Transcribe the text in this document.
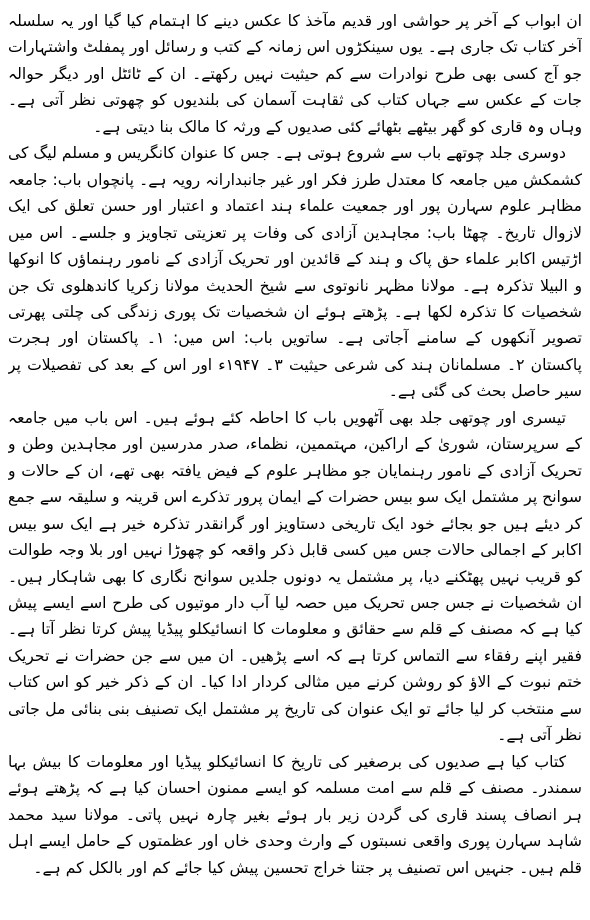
ان ابواب کے آخر پر حواشی اور قدیم مآخذ کا عکس دینے کا اہتمام کیا گیا اور یہ سلسلہ آخر کتاب تک جاری ہے۔ یوں سینکڑوں اس زمانہ کے کتب و رسائل اور پمفلٹ واشتہارات جو آج کسی بھی طرح نوادرات سے کم حیثیت نہیں رکھتے۔ ان کے ٹائٹل اور دیگر حوالہ جات کے عکس سے جہاں کتاب کی ثقاہت آسمان کی بلندیوں کو چھوتی نظر آتی ہے۔ وہاں وہ قاری کو گھر بیٹھے بٹھائے کئی صدیوں کے ورثہ کا مالک بنا دیتی ہے۔

دوسری جلد چوتھے باب سے شروع ہوتی ہے۔ جس کا عنوان کانگریس و مسلم لیگ کی کشمکش میں جامعہ کا معتدل طرز فکر اور غیر جانبدارانہ رویہ ہے۔ پانچواں باب: جامعہ مظاہر علوم سہارن پور اور جمعیت علماء ہند اعتماد و اعتبار اور حسن تعلق کی ایک لازوال تاریخ۔ چھٹا باب: مجاہدین آزادی کی وفات پر تعزیتی تجاویز و جلسے۔ اس میں اڑتیس اکابر علماء حق پاک و ہند کے قائدین اور تحریک آزادی کے نامور رہنماؤں کا انوکھا و البیلا تذکرہ ہے۔ مولانا مظہر نانوتوی سے شیخ الحدیث مولانا زکریا کاندھلوی تک جن شخصیات کا تذکرہ لکھا ہے۔ پڑھتے ہوئے ان شخصیات تک پوری زندگی کی چلتی پھرتی تصویر آنکھوں کے سامنے آجاتی ہے۔ ساتویں باب: اس میں: ۱۔ پاکستان اور ہجرت پاکستان ۲۔ مسلمانان ہند کی شرعی حیثیت ۳۔ ۱۹۴۷ء اور اس کے بعد کی تفصیلات پر سیر حاصل بحث کی گئی ہے۔

تیسری اور چوتھی جلد بھی آٹھویں باب کا احاطہ کئے ہوئے ہیں۔ اس باب میں جامعہ کے سرپرستان، شوریٰ کے اراکین، مہتممین، نظماء، صدر مدرسین اور مجاہدین وطن و تحریک آزادی کے نامور رہنمایان جو مظاہر علوم کے فیض یافتہ بھی تھے، ان کے حالات و سوانح پر مشتمل ایک سو بیس حضرات کے ایمان پرور تذکرے اس قرینہ و سلیقہ سے جمع کر دیئے ہیں جو بجائے خود ایک تاریخی دستاویز اور گرانقدر تذکرہ خیر ہے ایک سو بیس اکابر کے اجمالی حالات جس میں کسی قابل ذکر واقعہ کو چھوڑا نہیں اور بلا وجہ طوالت کو قریب نہیں پھٹکنے دیا، پر مشتمل یہ دونوں جلدیں سوانح نگاری کا بھی شاہکار ہیں۔ ان شخصیات نے جس جس تحریک میں حصہ لیا آب دار موتیوں کی طرح اسے ایسے پیش کیا ہے کہ مصنف کے قلم سے حقائق و معلومات کا انسائیکلو پیڈیا پیش کرتا نظر آتا ہے۔ فقیر اپنے رفقاء سے التماس کرتا ہے کہ اسے پڑھیں۔ ان میں سے جن حضرات نے تحریک ختم نبوت کے الاؤ کو روشن کرنے میں مثالی کردار ادا کیا۔ ان کے ذکر خیر کو اس کتاب سے منتخب کر لیا جائے تو ایک عنوان کی تاریخ پر مشتمل ایک تصنیف بنی بنائی مل جاتی نظر آتی ہے۔

کتاب کیا ہے صدیوں کی برصغیر کی تاریخ کا انسائیکلو پیڈیا اور معلومات کا بیش بہا سمندر۔ مصنف کے قلم سے امت مسلمہ کو ایسے ممنون احسان کیا ہے کہ پڑھتے ہوئے ہر انصاف پسند قاری کی گردن زیر بار ہوئے بغیر چارہ نہیں پاتی۔ مولانا سید محمد شاہد سہارن پوری واقعی نسبتوں کے وارث وحدی خاں اور عظمتوں کے حامل ایسے اہل قلم ہیں۔ جنہیں اس تصنیف پر جتنا خراج تحسین پیش کیا جائے کم اور بالکل کم ہے۔
